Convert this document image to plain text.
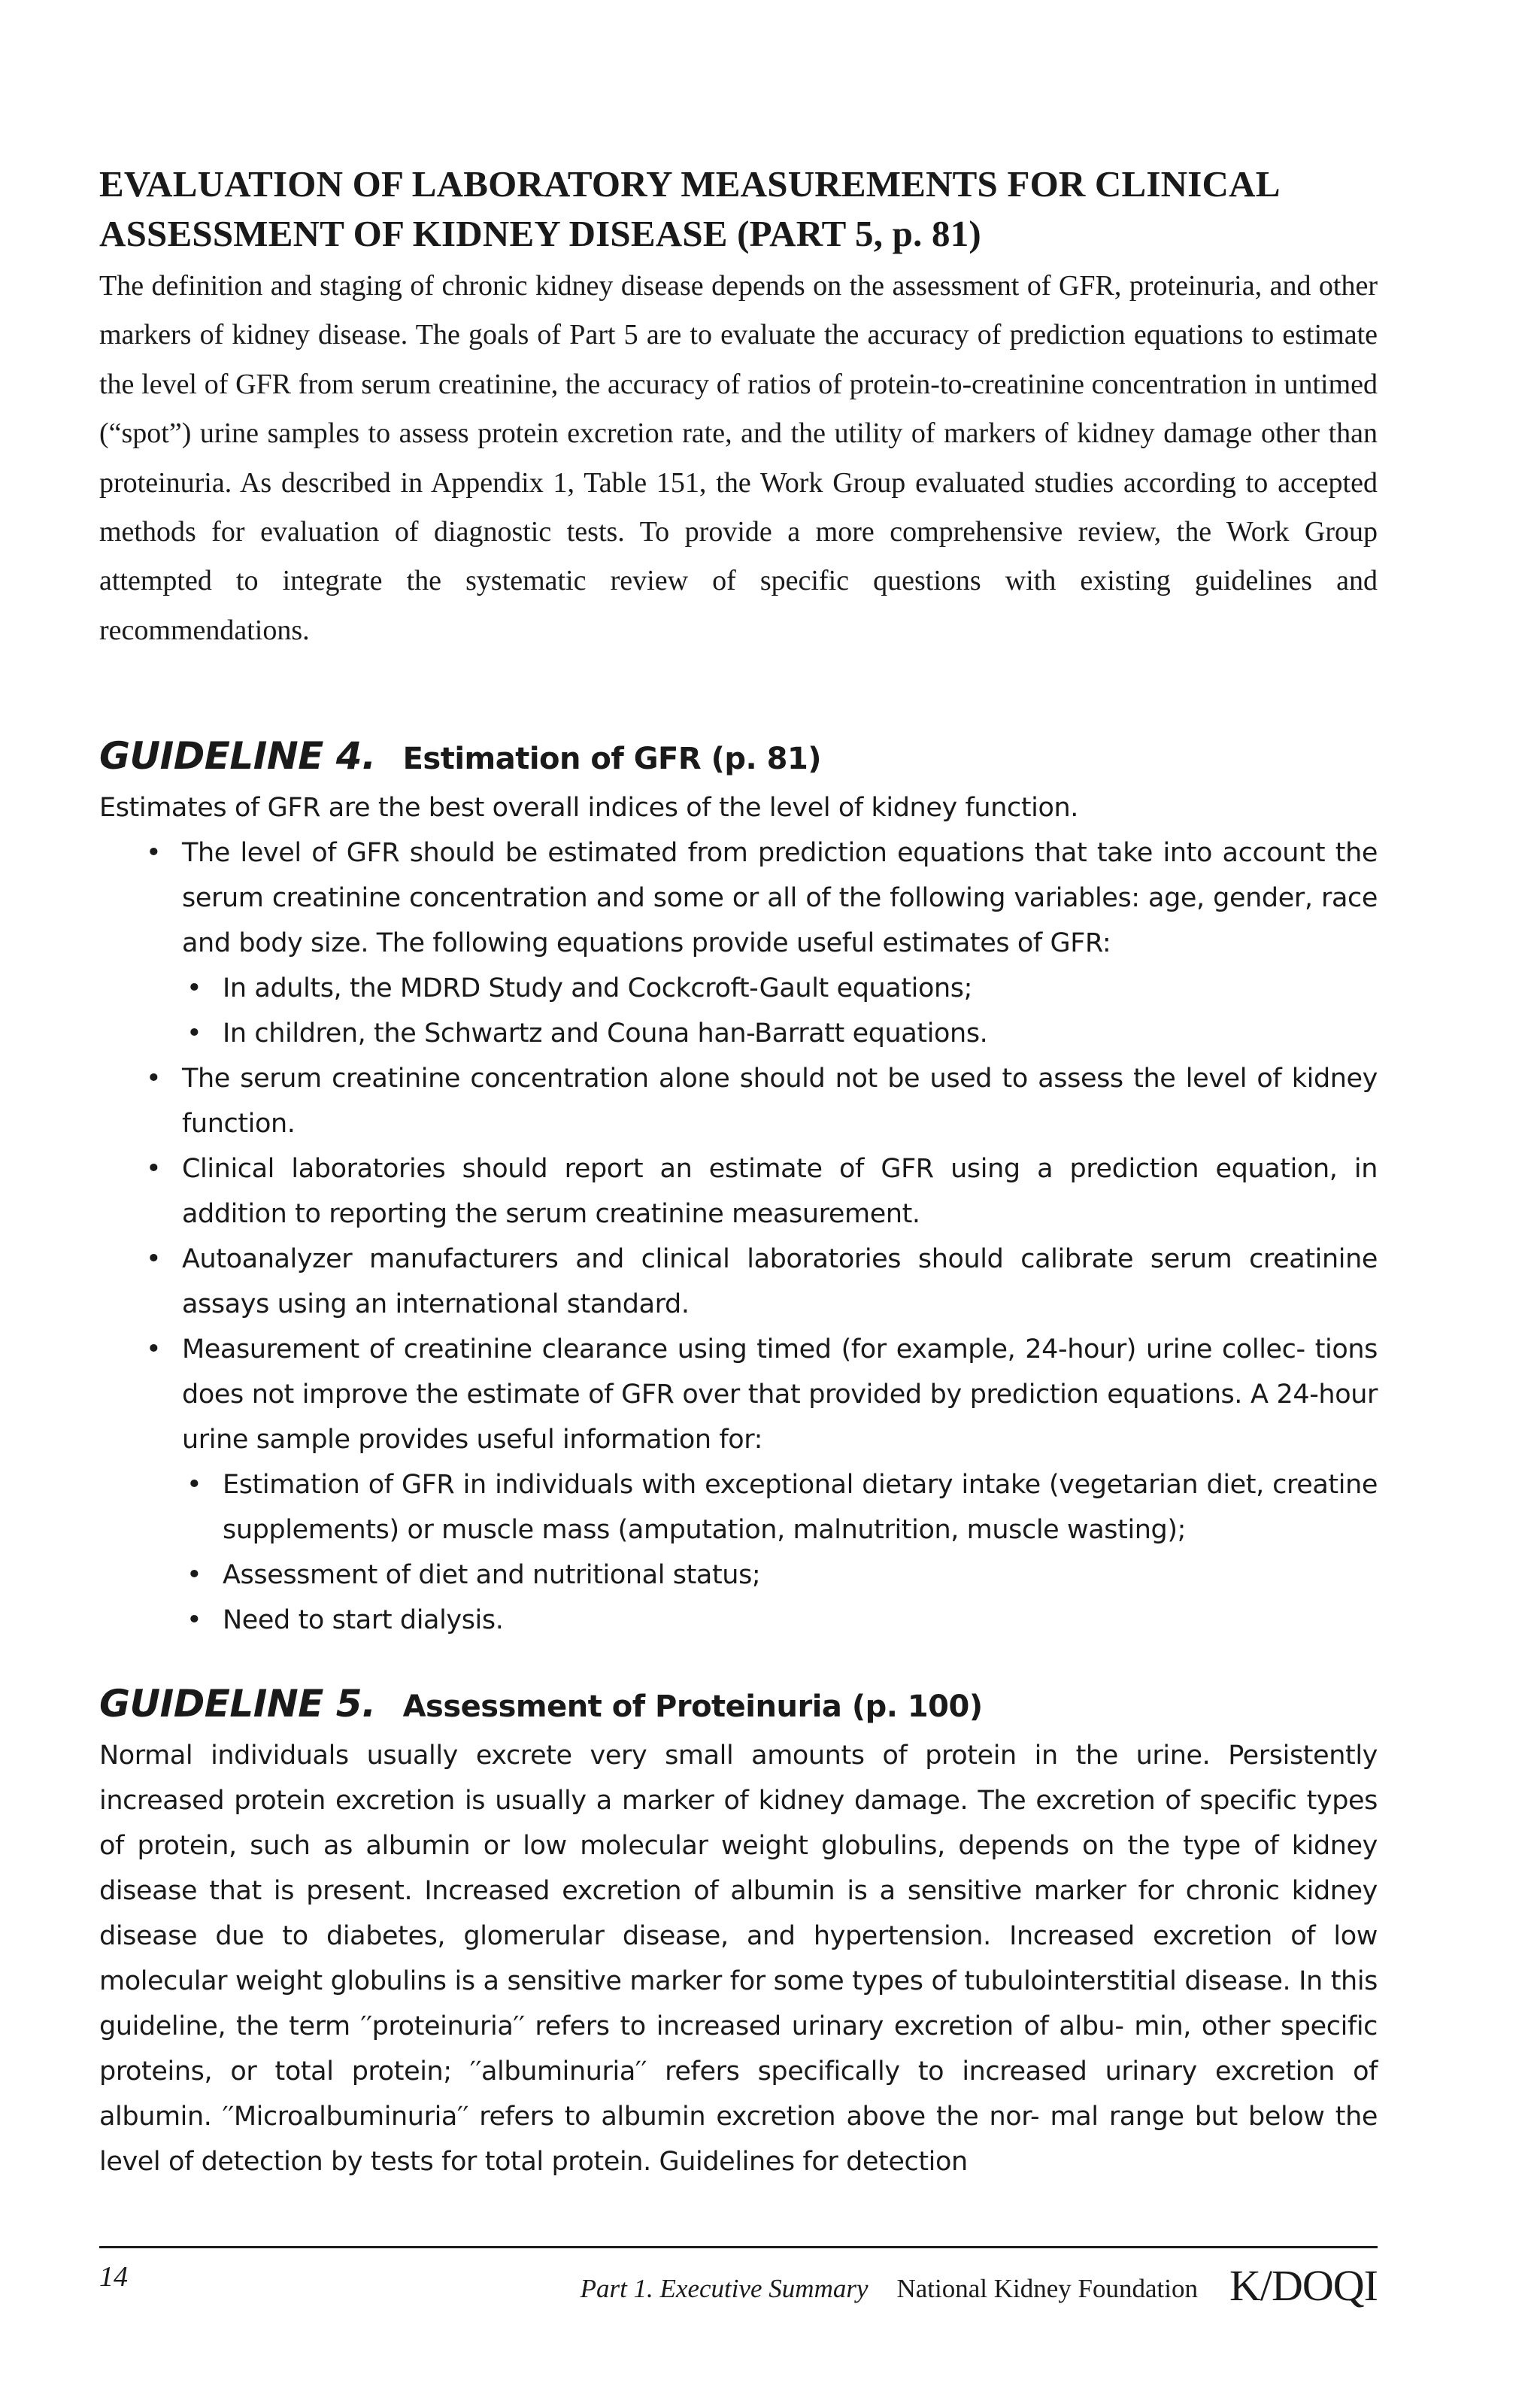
EVALUATION OF LABORATORY MEASUREMENTS FOR CLINICAL
ASSESSMENT OF KIDNEY DISEASE (PART 5, p. 81)

The definition and staging of chronic kidney disease depends on the assessment of GFR, proteinuria, and other markers of kidney disease. The goals of Part 5 are to evaluate the accuracy of prediction equations to estimate the level of GFR from serum creatinine, the accuracy of ratios of protein-to-creatinine concentration in untimed (“spot”) urine samples to assess protein excretion rate, and the utility of markers of kidney damage other than proteinuria. As described in Appendix 1, Table 151, the Work Group evaluated studies according to accepted methods for evaluation of diagnostic tests. To provide a more comprehensive review, the Work Group attempted to integrate the systematic review of specific questions with existing guidelines and recommendations.

GUIDELINE 4. Estimation of GFR (p. 81)

Estimates of GFR are the best overall indices of the level of kidney function.

• The level of GFR should be estimated from prediction equations that take into account the serum creatinine concentration and some or all of the following variables: age, gender, race and body size. The following equations provide useful estimates of GFR:
• In adults, the MDRD Study and Cockcroft-Gault equations;
• In children, the Schwartz and Couna han-Barratt equations.
• The serum creatinine concentration alone should not be used to assess the level of kidney function.
• Clinical laboratories should report an estimate of GFR using a prediction equation, in addition to reporting the serum creatinine measurement.
• Autoanalyzer manufacturers and clinical laboratories should calibrate serum creatinine assays using an international standard.
• Measurement of creatinine clearance using timed (for example, 24-hour) urine collec- tions does not improve the estimate of GFR over that provided by prediction equations. A 24-hour urine sample provides useful information for:
• Estimation of GFR in individuals with exceptional dietary intake (vegetarian diet, creatine supplements) or muscle mass (amputation, malnutrition, muscle wasting);
• Assessment of diet and nutritional status;
• Need to start dialysis.
GUIDELINE 5. Assessment of Proteinuria (p. 100)

Normal individuals usually excrete very small amounts of protein in the urine. Persistently increased protein excretion is usually a marker of kidney damage. The excretion of specific types of protein, such as albumin or low molecular weight globulins, depends on the type of kidney disease that is present. Increased excretion of albumin is a sensitive marker for chronic kidney disease due to diabetes, glomerular disease, and hypertension. Increased excretion of low molecular weight globulins is a sensitive marker for some types of tubulointerstitial disease. In this guideline, the term ′′proteinuria′′ refers to increased urinary excretion of albu- min, other specific proteins, or total protein; ′′albuminuria′′ refers specifically to increased urinary excretion of albumin. ′′Microalbuminuria′′ refers to albumin excretion above the nor- mal range but below the level of detection by tests for total protein. Guidelines for detection

14	Part 1. Executive Summary National Kidney Foundation K/DOQI
